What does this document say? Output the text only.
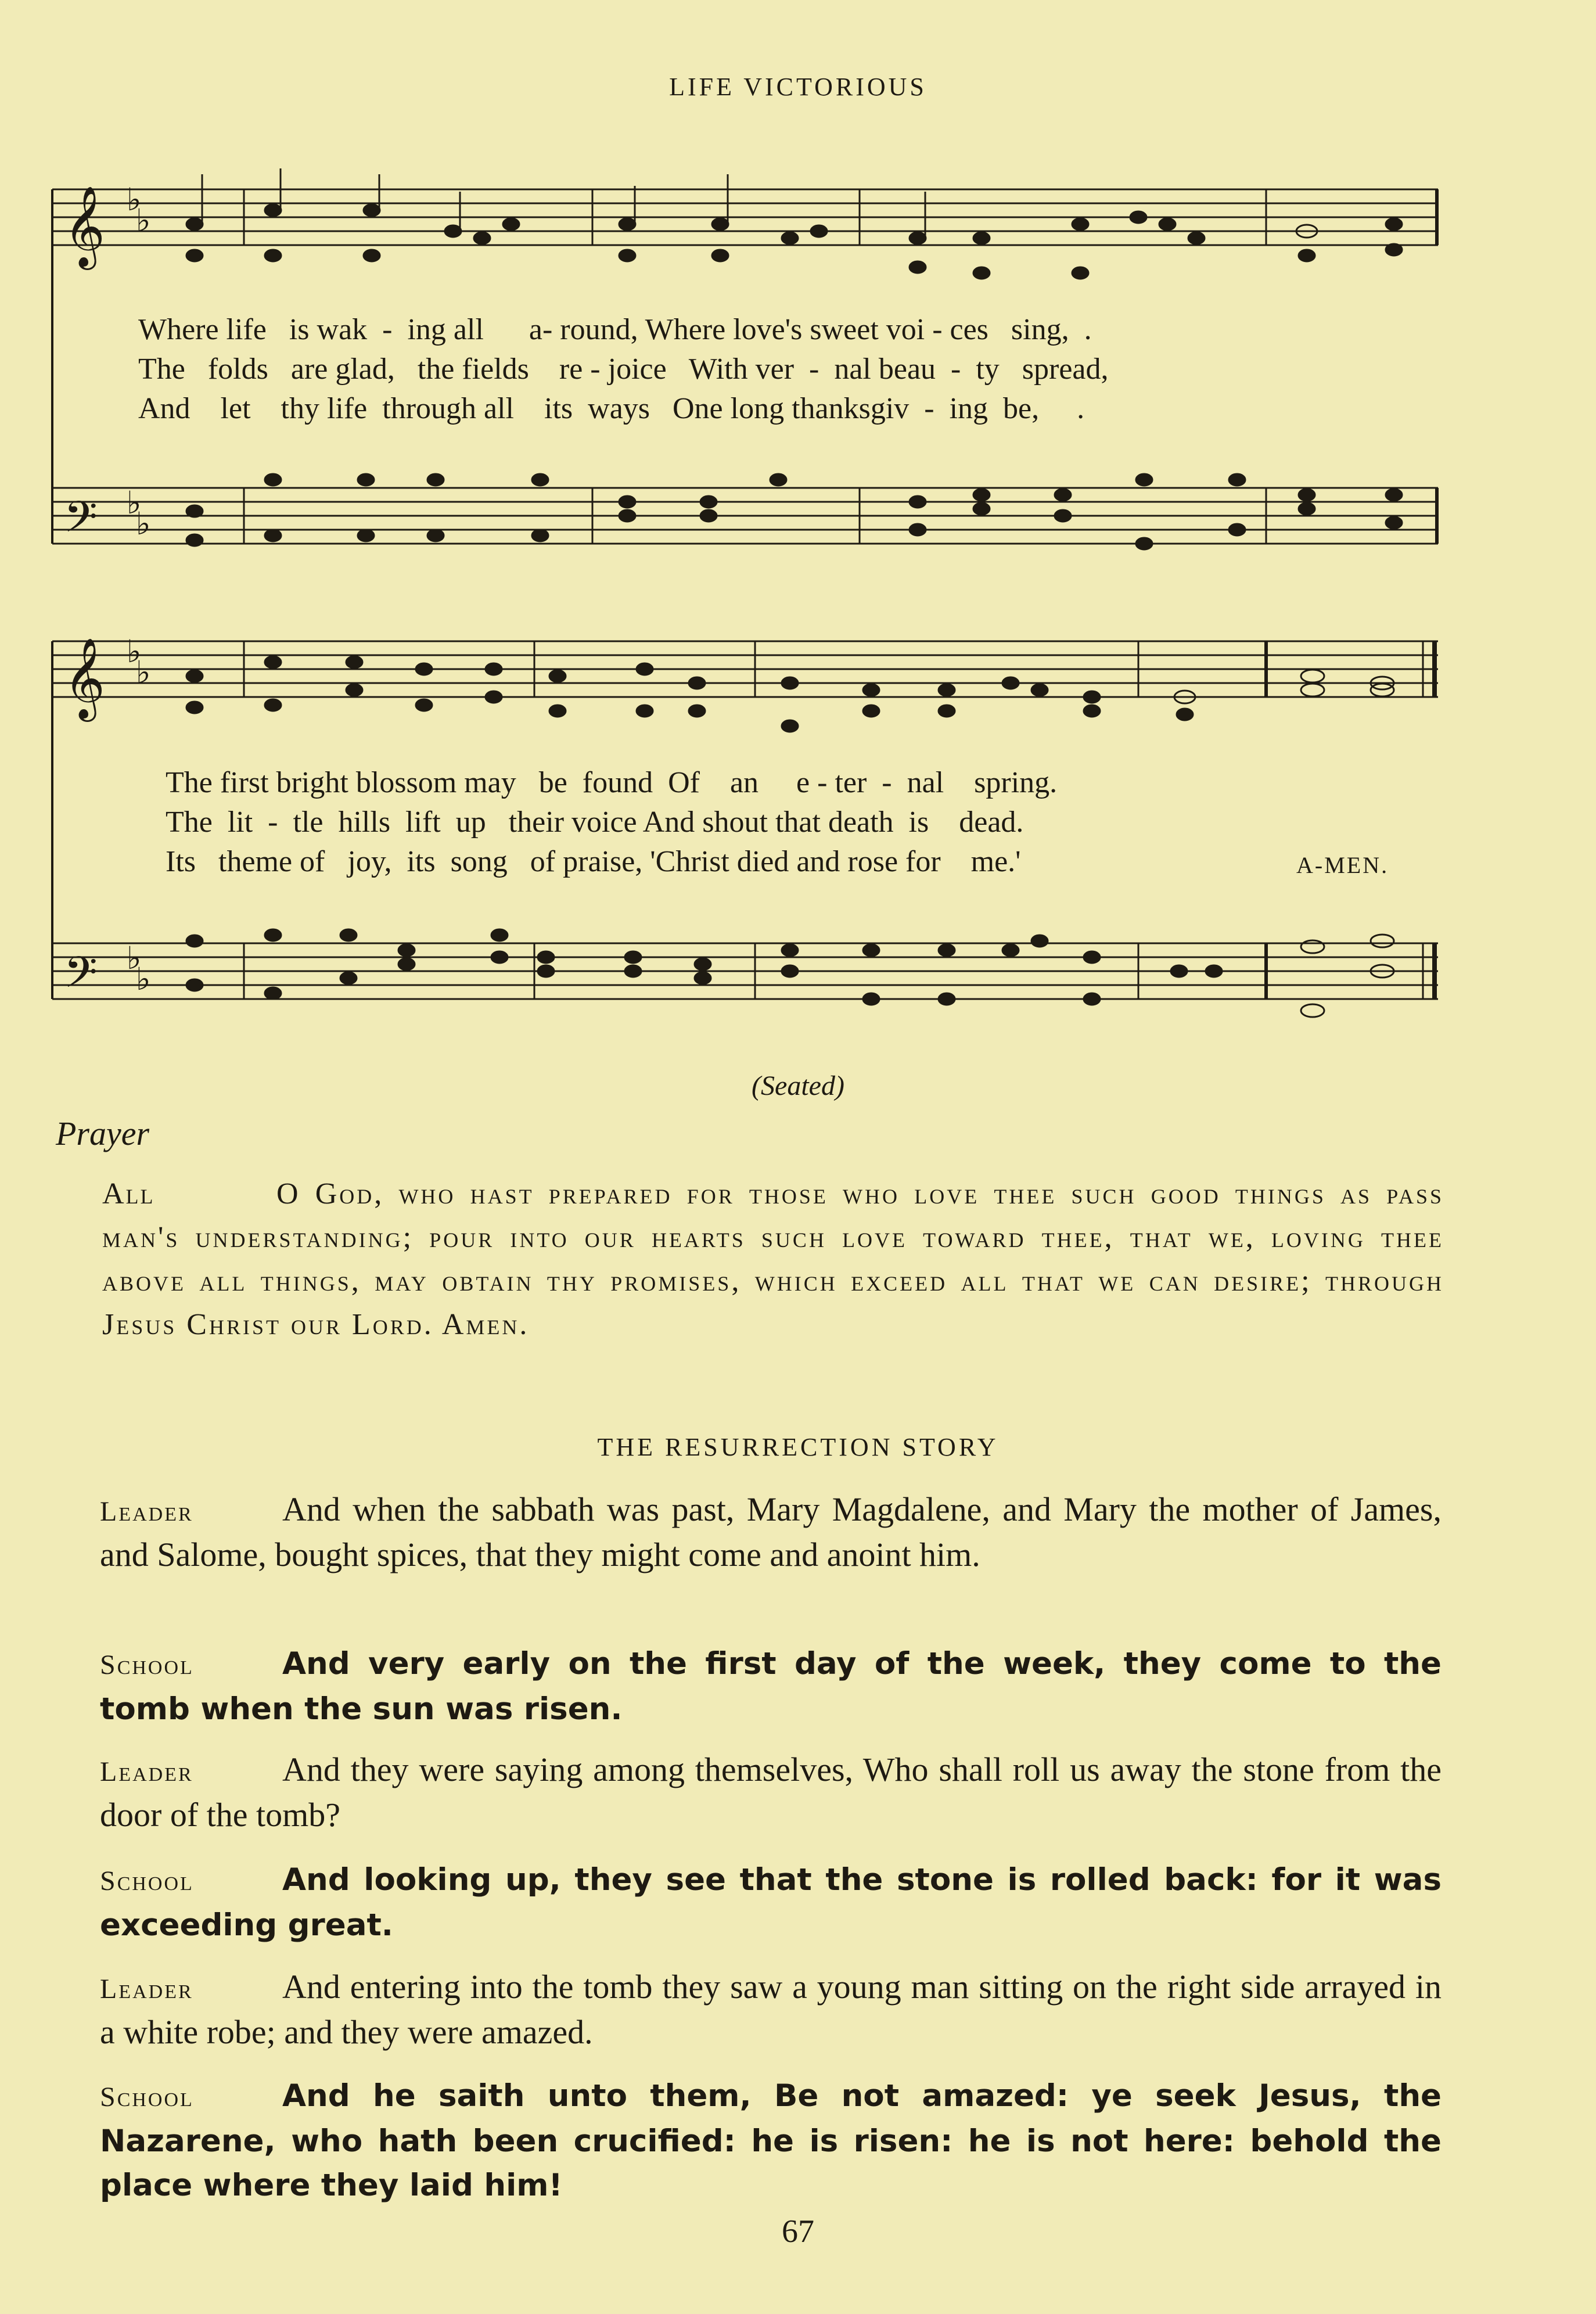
LIFE VICTORIOUS
𝄞
𝄢
𝄞
𝄢
♭
♭
♭
♭
♭
♭
♭
♭
Where life   is wak  -  ing all      a- round, Where love's sweet voi - ces   sing,  .
The   folds   are glad,   the fields    re - joice   With ver  -  nal beau  -  ty   spread,
And    let    thy life  through all    its  ways   One long thanksgiv  -  ing  be,     .
The first bright blossom may   be  found  Of    an     e - ter  -  nal    spring.
The  lit  -  tle  hills  lift  up   their voice And shout that death  is    dead.
Its   theme of   joy,  its  song   of praise, 'Christ died and rose for    me.'	A-MEN.
(Seated)
Prayer
All	O God, who hast prepared for those who love thee such good things as pass man's understanding; pour into our hearts such love toward thee, that we, loving thee above all things, may obtain thy promises, which exceed all that we can desire; through Jesus Christ our Lord. Amen.
THE RESURRECTION STORY
Leader	And when the sabbath was past, Mary Magdalene, and Mary the mother of James, and Salome, bought spices, that they might come and anoint him.
School	And very early on the first day of the week, they come to the tomb when the sun was risen.
Leader	And they were saying among themselves, Who shall roll us away the stone from the door of the tomb?
School	And looking up, they see that the stone is rolled back: for it was exceeding great.
Leader	And entering into the tomb they saw a young man sitting on the right side arrayed in a white robe; and they were amazed.
School	And he saith unto them, Be not amazed: ye seek Jesus, the Nazarene, who hath been crucified: he is risen: he is not here: behold the place where they laid him!
67
